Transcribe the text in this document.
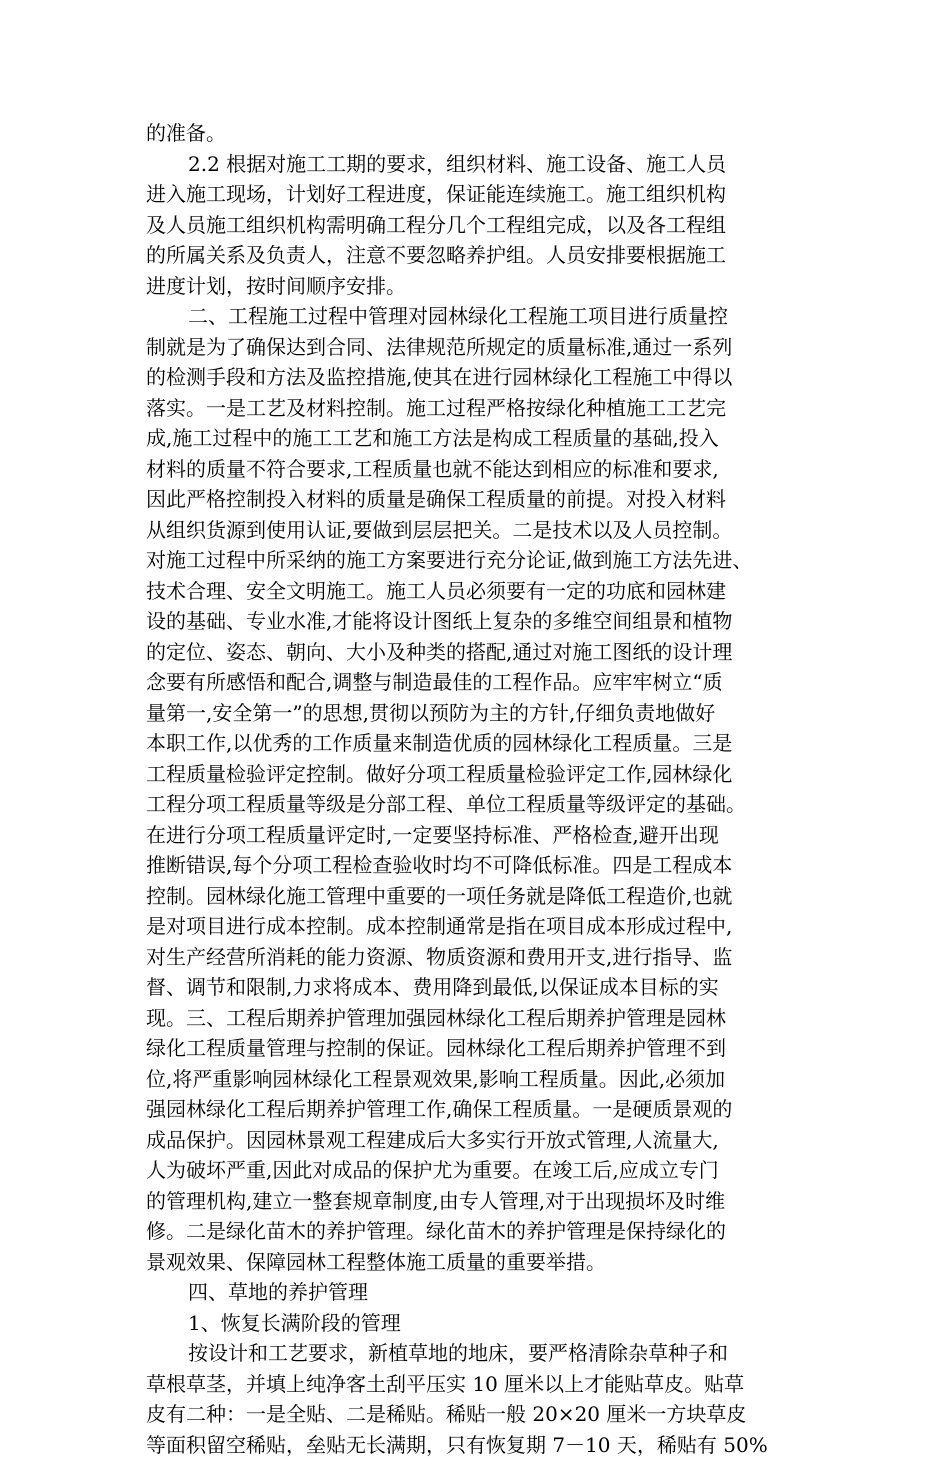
的准备。
2.2 根据对施工工期的要求，组织材料、施工设备、施工人员
进入施工现场，计划好工程进度，保证能连续施工。施工组织机构
及人员施工组织机构需明确工程分几个工程组完成，以及各工程组
的所属关系及负责人，注意不要忽略养护组。人员安排要根据施工
进度计划，按时间顺序安排。
二、工程施工过程中管理对园林绿化工程施工项目进行质量控
制就是为了确保达到合同、法律规范所规定的质量标准,通过一系列
的检测手段和方法及监控措施,使其在进行园林绿化工程施工中得以
落实。一是工艺及材料控制。施工过程严格按绿化种植施工工艺完
成,施工过程中的施工工艺和施工方法是构成工程质量的基础,投入
材料的质量不符合要求,工程质量也就不能达到相应的标准和要求,
因此严格控制投入材料的质量是确保工程质量的前提。对投入材料
从组织货源到使用认证,要做到层层把关。二是技术以及人员控制。
对施工过程中所采纳的施工方案要进行充分论证,做到施工方法先进、
技术合理、安全文明施工。施工人员必须要有一定的功底和园林建
设的基础、专业水准,才能将设计图纸上复杂的多维空间组景和植物
的定位、姿态、朝向、大小及种类的搭配,通过对施工图纸的设计理
念要有所感悟和配合,调整与制造最佳的工程作品。应牢牢树立“质
量第一,安全第一”的思想,贯彻以预防为主的方针,仔细负责地做好
本职工作,以优秀的工作质量来制造优质的园林绿化工程质量。三是
工程质量检验评定控制。做好分项工程质量检验评定工作,园林绿化
工程分项工程质量等级是分部工程、单位工程质量等级评定的基础。
在进行分项工程质量评定时,一定要坚持标准、严格检查,避开出现
推断错误,每个分项工程检查验收时均不可降低标准。四是工程成本
控制。园林绿化施工管理中重要的一项任务就是降低工程造价,也就
是对项目进行成本控制。成本控制通常是指在项目成本形成过程中,
对生产经营所消耗的能力资源、物质资源和费用开支,进行指导、监
督、调节和限制,力求将成本、费用降到最低,以保证成本目标的实
现。三、工程后期养护管理加强园林绿化工程后期养护管理是园林
绿化工程质量管理与控制的保证。园林绿化工程后期养护管理不到
位,将严重影响园林绿化工程景观效果,影响工程质量。因此,必须加
强园林绿化工程后期养护管理工作,确保工程质量。一是硬质景观的
成品保护。因园林景观工程建成后大多实行开放式管理,人流量大,
人为破坏严重,因此对成品的保护尤为重要。在竣工后,应成立专门
的管理机构,建立一整套规章制度,由专人管理,对于出现损坏及时维
修。二是绿化苗木的养护管理。绿化苗木的养护管理是保持绿化的
景观效果、保障园林工程整体施工质量的重要举措。
四、草地的养护管理
1、恢复长满阶段的管理
按设计和工艺要求，新植草地的地床，要严格清除杂草种子和
草根草茎，并填上纯净客土刮平压实 10 厘米以上才能贴草皮。贴草
皮有二种：一是全贴、二是稀贴。稀贴一般 20×20 厘米一方块草皮
等面积留空稀贴，垒贴无长满期，只有恢复期 7－10 天，稀贴有 50%
